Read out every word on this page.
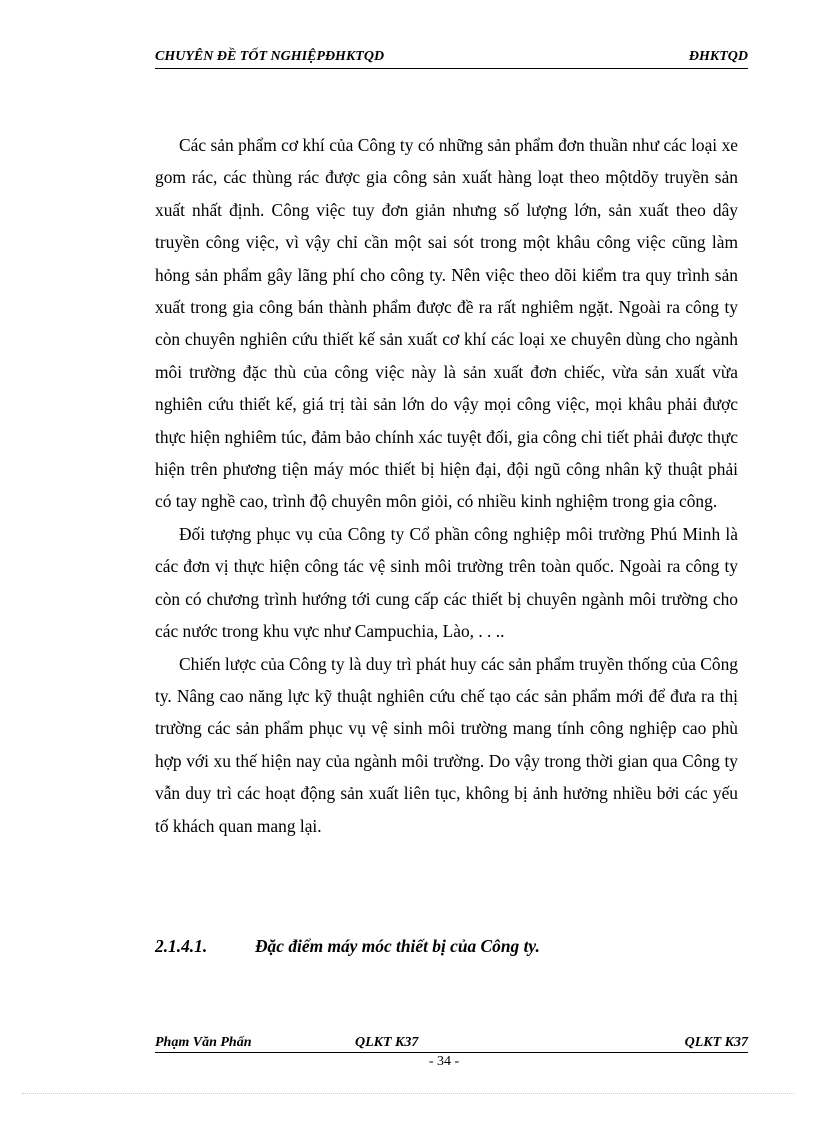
CHUYÊN ĐỀ TỐT NGHIỆPĐHKTQD	ĐHKTQD

Các sản phẩm cơ khí của Công ty có những sản phẩm đơn thuần như các loại xe gom rác, các thùng rác được gia công sản xuất hàng loạt theo mộtdõy truyền sản xuất nhất định. Công việc tuy đơn giản nhưng số lượng lớn, sản xuất theo dây truyền công việc, vì vậy chỉ cần một sai sót trong một khâu công việc cũng làm hỏng sản phẩm gây lãng phí cho công ty. Nên việc theo dõi kiểm tra quy trình sản xuất trong gia công bán thành phẩm được đề ra rất nghiêm ngặt. Ngoài ra công ty còn chuyên nghiên cứu thiết kế sản xuất cơ khí các loại xe chuyên dùng cho ngành môi trường đặc thù của công việc này là sản xuất đơn chiếc, vừa sản xuất vừa nghiên cứu thiết kế, giá trị tài sản lớn do vậy mọi công việc, mọi khâu phải được thực hiện nghiêm túc, đảm bảo chính xác tuyệt đối, gia công chi tiết phải được thực hiện trên phương tiện máy móc thiết bị hiện đại, đội ngũ công nhân kỹ thuật phải có tay nghề cao, trình độ chuyên môn giỏi, có nhiều kinh nghiệm trong gia công.

Đối tượng phục vụ của Công ty Cổ phần công nghiệp môi trường Phú Minh là các đơn vị thực hiện công tác vệ sinh môi trường trên toàn quốc. Ngoài ra công ty còn có chương trình hướng tới cung cấp các thiết bị chuyên ngành môi trường cho các nước trong khu vực như Campuchia, Lào, . . ..

Chiến lược của Công ty là duy trì phát huy các sản phẩm truyền thống của Công ty. Nâng cao năng lực kỹ thuật nghiên cứu chế tạo các sản phẩm mới để đưa ra thị trường các sản phẩm phục vụ vệ sinh môi trường mang tính công nghiệp cao phù hợp với xu thế hiện nay của ngành môi trường. Do vậy trong thời gian qua Công ty vẫn duy trì các hoạt động sản xuất liên tục, không bị ảnh hưởng nhiều bởi các yếu tố khách quan mang lại.

2.1.4.1.	Đặc điểm máy móc thiết bị của Công ty.
Phạm Văn Phấn	QLKT K37	QLKT K37
- 34 -
